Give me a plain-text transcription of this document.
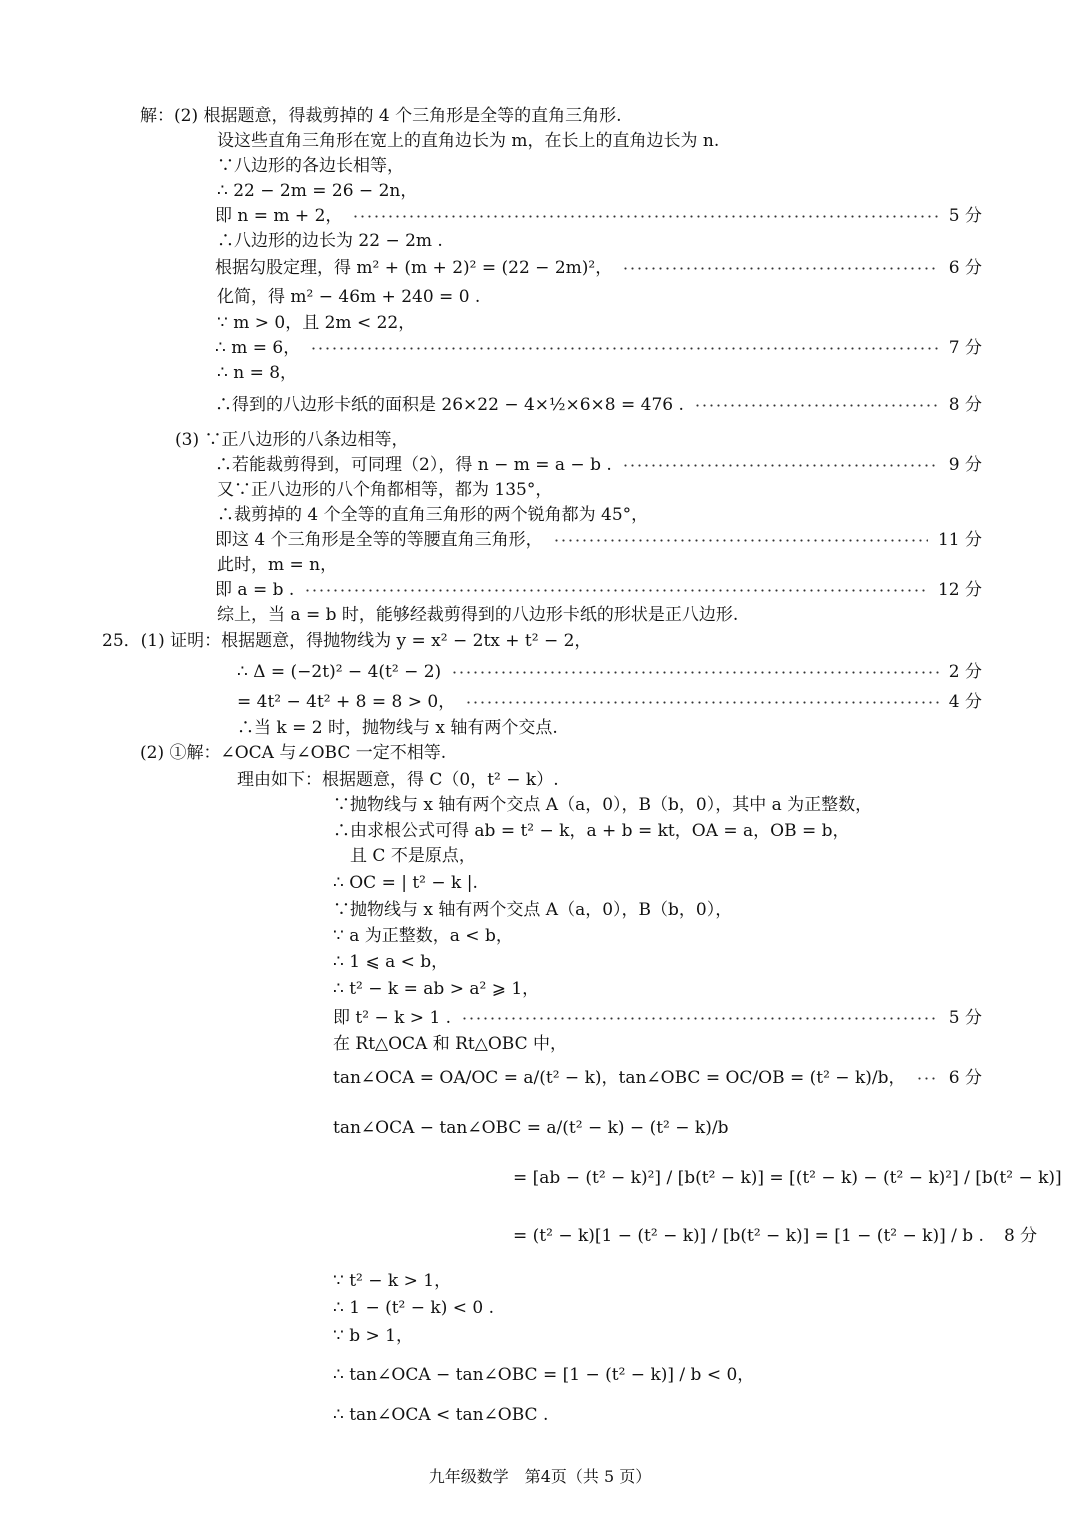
解：(2) 根据题意，得裁剪掉的 4 个三角形是全等的直角三角形.
设这些直角三角形在宽上的直角边长为 m，在长上的直角边长为 n.
∵八边形的各边长相等，
∴ 22 − 2m = 26 − 2n，
即 n = m + 2，	5 分
∴八边形的边长为 22 − 2m .
根据勾股定理，得 m² + (m + 2)² = (22 − 2m)²，	6 分
化简，得 m² − 46m + 240 = 0 .
∵ m > 0，且 2m < 22，
∴ m = 6，	7 分
∴ n = 8，
∴得到的八边形卡纸的面积是 26×22 − 4×½×6×8 = 476 .	8 分
(3) ∵正八边形的八条边相等，
∴若能裁剪得到，可同理（2），得 n − m = a − b .	9 分
又∵正八边形的八个角都相等，都为 135°，
∴裁剪掉的 4 个全等的直角三角形的两个锐角都为 45°，
即这 4 个三角形是全等的等腰直角三角形，	11 分
此时，m = n，
即 a = b .	12 分
综上，当 a = b 时，能够经裁剪得到的八边形卡纸的形状是正八边形.
25．(1) 证明：根据题意，得抛物线为 y = x² − 2tx + t² − 2，
∴ Δ = (−2t)² − 4(t² − 2)	2 分
= 4t² − 4t² + 8 = 8 > 0，	4 分
∴当 k = 2 时，抛物线与 x 轴有两个交点.
(2) ①解：∠OCA 与∠OBC 一定不相等.
理由如下：根据题意，得 C（0，t² − k）.
∵抛物线与 x 轴有两个交点 A（a，0），B（b，0），其中 a 为正整数，
∴由求根公式可得 ab = t² − k，a + b = kt，OA = a，OB = b，
且 C 不是原点，
∴ OC = | t² − k |.
∵抛物线与 x 轴有两个交点 A（a，0），B（b，0），
∵ a 为正整数，a < b，
∴ 1 ⩽ a < b，
∴ t² − k = ab > a² ⩾ 1，
即 t² − k > 1 .	5 分
在 Rt△OCA 和 Rt△OBC 中，
tan∠OCA = OA/OC = a/(t² − k)，tan∠OBC = OC/OB = (t² − k)/b，	6 分
tan∠OCA − tan∠OBC = a/(t² − k) − (t² − k)/b
= [ab − (t² − k)²] / [b(t² − k)] = [(t² − k) − (t² − k)²] / [b(t² − k)]
= (t² − k)[1 − (t² − k)] / [b(t² − k)] = [1 − (t² − k)] / b . 8 分
∵ t² − k > 1，
∴ 1 − (t² − k) < 0 .
∵ b > 1，
∴ tan∠OCA − tan∠OBC = [1 − (t² − k)] / b < 0，
∴ tan∠OCA < tan∠OBC .
九年级数学　第4页（共 5 页）
